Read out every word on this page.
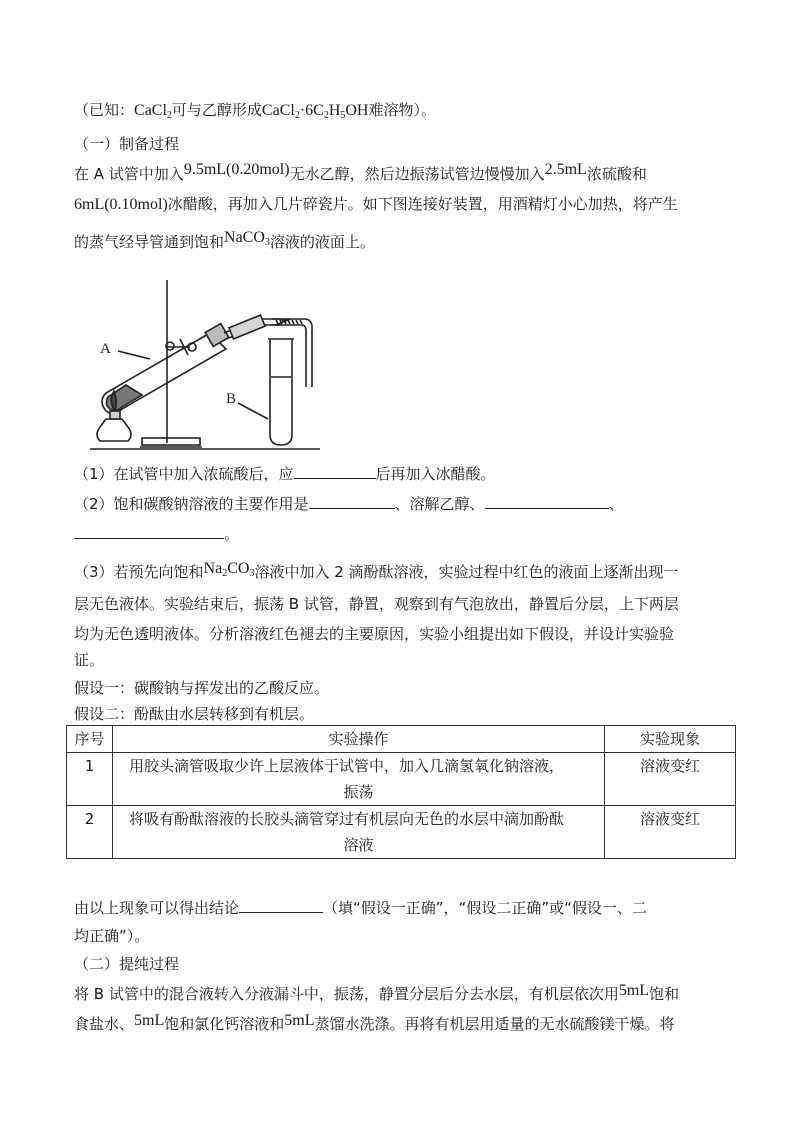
（已知：CaCl$_2$可与乙醇形成$CaCl_2\cdot 6C_2H_5OH$难溶物）。
（一）制备过程
在 A 试管中加入9.5mL(0.20mol)无水乙醇，然后边振荡试管边慢慢加入2.5mL浓硫酸和
6mL(0.10mol)冰醋酸，再加入几片碎瓷片。如下图连接好装置，用酒精灯小心加热，将产生
的蒸气经导管通到饱和NaCO$_3$溶液的液面上。
A
B
（1）在试管中加入浓硫酸后，应	后再加入冰醋酸。
（2）饱和碳酸钠溶液的主要作用是	、溶解乙醇、	、
。
（3）若预先向饱和$Na_2CO_3$溶液中加入 2 滴酚酞溶液，实验过程中红色的液面上逐渐出现一
层无色液体。实验结束后，振荡 B 试管，静置，观察到有气泡放出，静置后分层，上下两层
均为无色透明液体。分析溶液红色褪去的主要原因，实验小组提出如下假设，并设计实验验
证。
假设一：碳酸钠与挥发出的乙酸反应。
假设二：酚酞由水层转移到有机层。
序号	实验操作	实验现象
1	用胶头滴管吸取少许上层液体于试管中，加入几滴氢氧化钠溶液，
振荡	溶液变红
2	将吸有酚酞溶液的长胶头滴管穿过有机层向无色的水层中滴加酚酞
溶液	溶液变红
由以上现象可以得出结论	（填“假设一正确”，“假设二正确”或“假设一、二
均正确”）。
（二）提纯过程
将 B 试管中的混合液转入分液漏斗中，振荡，静置分层后分去水层，有机层依次用5mL饱和
食盐水、5mL饱和氯化钙溶液和5mL蒸馏水洗涤。再将有机层用适量的无水硫酸镁干燥。将
